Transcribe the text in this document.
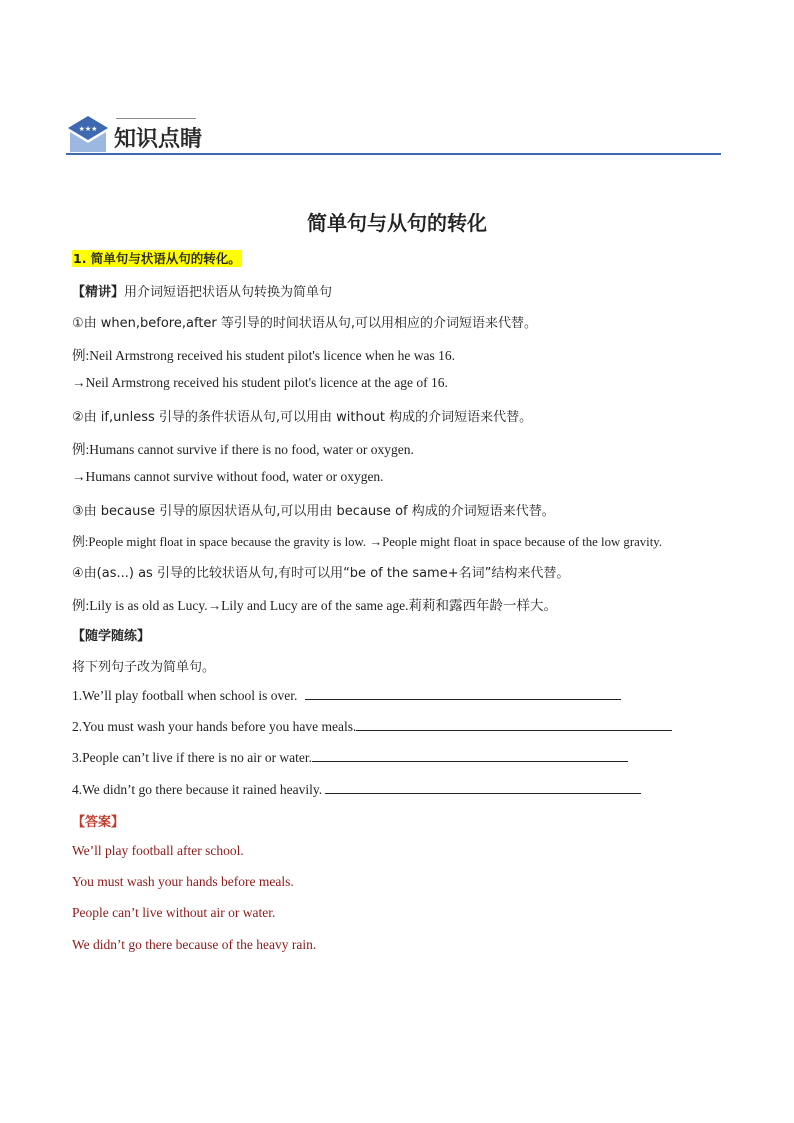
★★★ 知识点睛
简单句与从句的转化
1. 简单句与状语从句的转化。
【精讲】用介词短语把状语从句转换为简单句
①由 when,before,after 等引导的时间状语从句,可以用相应的介词短语来代替。
例:Neil Armstrong received his student pilot's licence when he was 16.
→Neil Armstrong received his student pilot's licence at the age of 16.
②由 if,unless 引导的条件状语从句,可以用由 without 构成的介词短语来代替。
例:Humans cannot survive if there is no food, water or oxygen.
→Humans cannot survive without food, water or oxygen.
③由 because 引导的原因状语从句,可以用由 because of 构成的介词短语来代替。
例:People might float in space because the gravity is low. →People might float in space because of the low gravity.
④由(as...) as 引导的比较状语从句,有时可以用“be of the same+名词”结构来代替。
例:Lily is as old as Lucy.→Lily and Lucy are of the same age.莉莉和露西年龄一样大。
【随学随练】
将下列句子改为简单句。
1.We’ll play football when school is over.
2.You must wash your hands before you have meals.
3.People can’t live if there is no air or water.
4.We didn’t go there because it rained heavily.
【答案】
We’ll play football after school.
You must wash your hands before meals.
People can’t live without air or water.
We didn’t go there because of the heavy rain.
